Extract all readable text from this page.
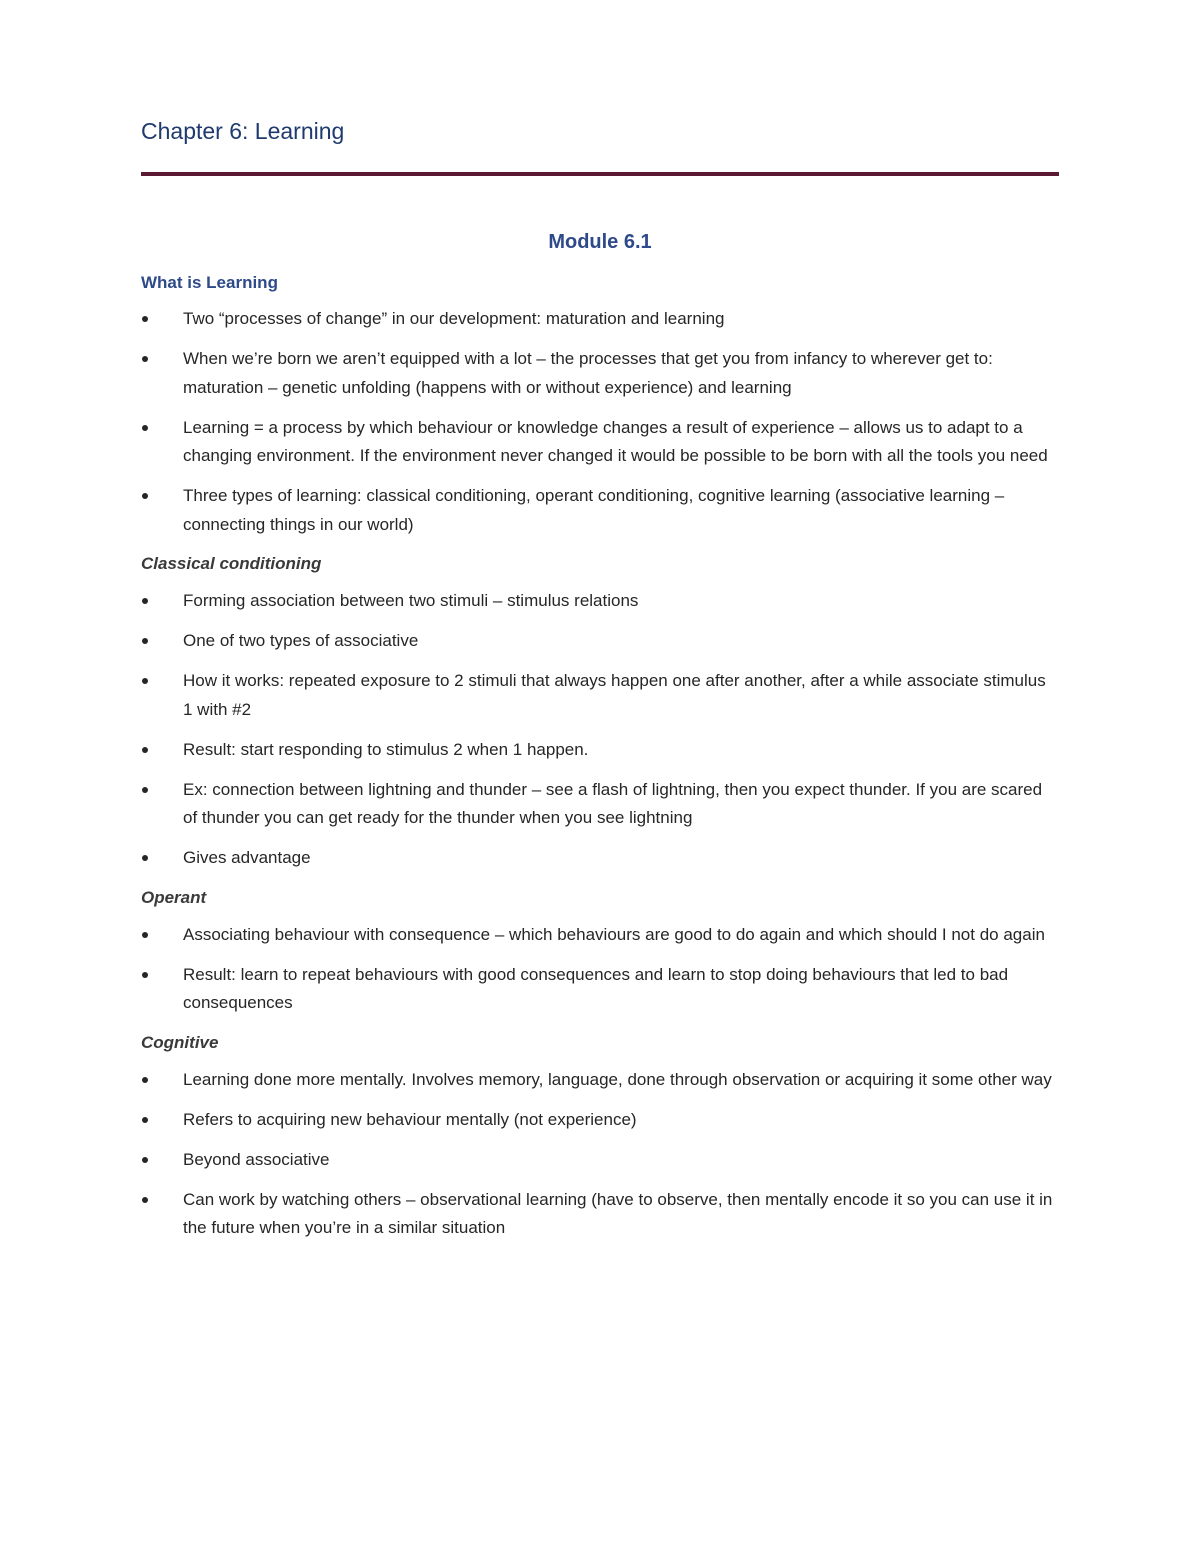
Chapter 6: Learning
Module 6.1
What is Learning
Two “processes of change” in our development: maturation and learning
When we’re born we aren’t equipped with a lot – the processes that get you from infancy to wherever get to: maturation – genetic unfolding (happens with or without experience) and learning
Learning = a process by which behaviour or knowledge changes a result of experience – allows us to adapt to a changing environment. If the environment never changed it would be possible to be born with all the tools you need
Three types of learning: classical conditioning, operant conditioning, cognitive learning (associative learning – connecting things in our world)
Classical conditioning
Forming association between two stimuli – stimulus relations
One of two types of associative
How it works: repeated exposure to 2 stimuli that always happen one after another, after a while associate stimulus 1 with #2
Result: start responding to stimulus 2 when 1 happen.
Ex: connection between lightning and thunder – see a flash of lightning, then you expect thunder. If you are scared of thunder you can get ready for the thunder when you see lightning
Gives advantage
Operant
Associating behaviour with consequence – which behaviours are good to do again and which should I not do again
Result: learn to repeat behaviours with good consequences and learn to stop doing behaviours that led to bad consequences
Cognitive
Learning done more mentally. Involves memory, language, done through observation or acquiring it some other way
Refers to acquiring new behaviour mentally (not experience)
Beyond associative
Can work by watching others – observational learning (have to observe, then mentally encode it so you can use it in the future when you’re in a similar situation
